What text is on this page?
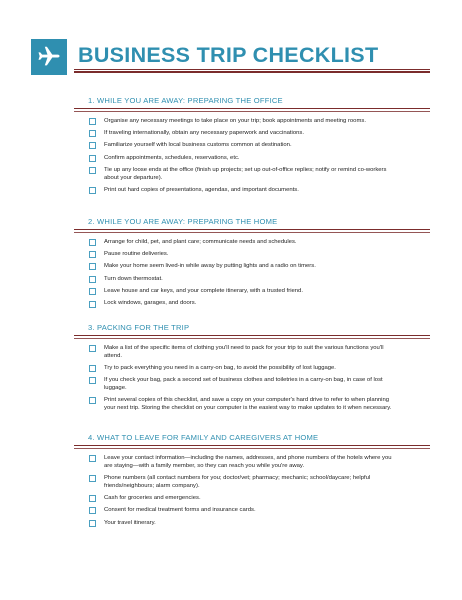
BUSINESS TRIP CHECKLIST
1. WHILE YOU ARE AWAY: PREPARING THE OFFICE
Organise any necessary meetings to take place on your trip; book appointments and meeting rooms.
If traveling internationally, obtain any necessary paperwork and vaccinations.
Familiarize yourself with local business customs common at destination.
Confirm appointments, schedules, reservations, etc.
Tie up any loose ends at the office (finish up projects; set up out-of-office replies; notify or remind co-workers about your departure).
Print out hard copies of presentations, agendas, and important documents.
2. WHILE YOU ARE AWAY: PREPARING THE HOME
Arrange for child, pet, and plant care; communicate needs and schedules.
Pause routine deliveries.
Make your home seem lived-in while away by putting lights and a radio on timers.
Turn down thermostat.
Leave house and car keys, and your complete itinerary, with a trusted friend.
Lock windows, garages, and doors.
3. PACKING FOR THE TRIP
Make a list of the specific items of clothing you'll need to pack for your trip to suit the various functions you'll attend.
Try to pack everything you need in a carry-on bag, to avoid the possibility of lost luggage.
If you check your bag, pack a second set of business clothes and toiletries in a carry-on bag, in case of lost luggage.
Print several copies of this checklist, and save a copy on your computer's hard drive to refer to when planning your next trip. Storing the checklist on your computer is the easiest way to make updates to it when necessary.
4. WHAT TO LEAVE FOR FAMILY AND CAREGIVERS AT HOME
Leave your contact information—including the names, addresses, and phone numbers of the hotels where you are staying—with a family member, so they can reach you while you're away.
Phone numbers (all contact numbers for you; doctor/vet; pharmacy; mechanic; school/daycare; helpful friends/neighbours; alarm company).
Cash for groceries and emergencies.
Consent for medical treatment forms and insurance cards.
Your travel itinerary.
